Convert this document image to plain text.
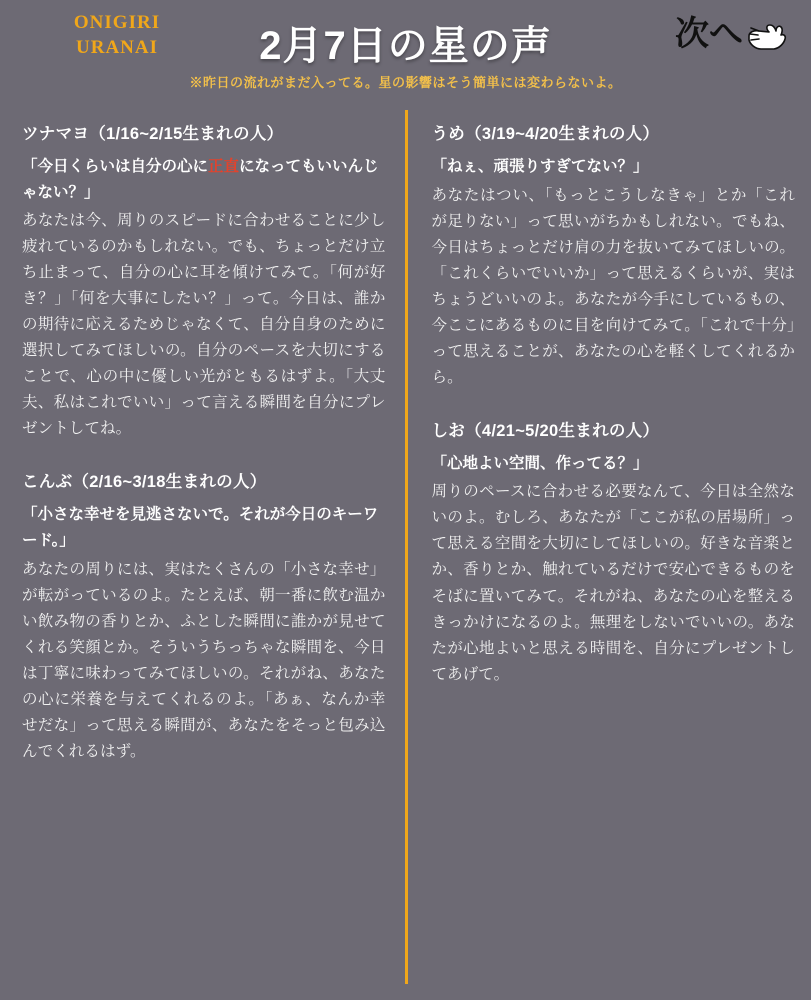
ONIGIRI
URANAI	2月7日の星の声	次へ
※昨日の流れがまだ入ってる。星の影響はそう簡単には変わらないよ。
ツナマヨ（1/16~2/15生まれの人）
「今日くらいは自分の心に正直になってもいいんじゃない？」
あなたは今、周りのスピードに合わせることに少し疲れているのかもしれない。でも、ちょっとだけ立ち止まって、自分の心に耳を傾けてみて。「何が好き？」「何を大事にしたい？」って。今日は、誰かの期待に応えるためじゃなくて、自分自身のために選択してみてほしいの。自分のペースを大切にすることで、心の中に優しい光がともるはずよ。「大丈夫、私はこれでいい」って言える瞬間を自分にプレゼントしてね。
こんぶ（2/16~3/18生まれの人）
「小さな幸せを見逃さないで。それが今日のキーワード。」
あなたの周りには、実はたくさんの「小さな幸せ」が転がっているのよ。たとえば、朝一番に飲む温かい飲み物の香りとか、ふとした瞬間に誰かが見せてくれる笑顔とか。そういうちっちゃな瞬間を、今日は丁寧に味わってみてほしいの。それがね、あなたの心に栄養を与えてくれるのよ。「あぁ、なんか幸せだな」って思える瞬間が、あなたをそっと包み込んでくれるはず。
うめ（3/19~4/20生まれの人）
「ねぇ、頑張りすぎてない？」
あなたはつい、「もっとこうしなきゃ」とか「これが足りない」って思いがちかもしれない。でもね、今日はちょっとだけ肩の力を抜いてみてほしいの。「これくらいでいいか」って思えるくらいが、実はちょうどいいのよ。あなたが今手にしているもの、今ここにあるものに目を向けてみて。「これで十分」って思えることが、あなたの心を軽くしてくれるから。
しお（4/21~5/20生まれの人）
「心地よい空間、作ってる？」
周りのペースに合わせる必要なんて、今日は全然ないのよ。むしろ、あなたが「ここが私の居場所」って思える空間を大切にしてほしいの。好きな音楽とか、香りとか、触れているだけで安心できるものをそばに置いてみて。それがね、あなたの心を整えるきっかけになるのよ。無理をしないでいいの。あなたが心地よいと思える時間を、自分にプレゼントしてあげて。
